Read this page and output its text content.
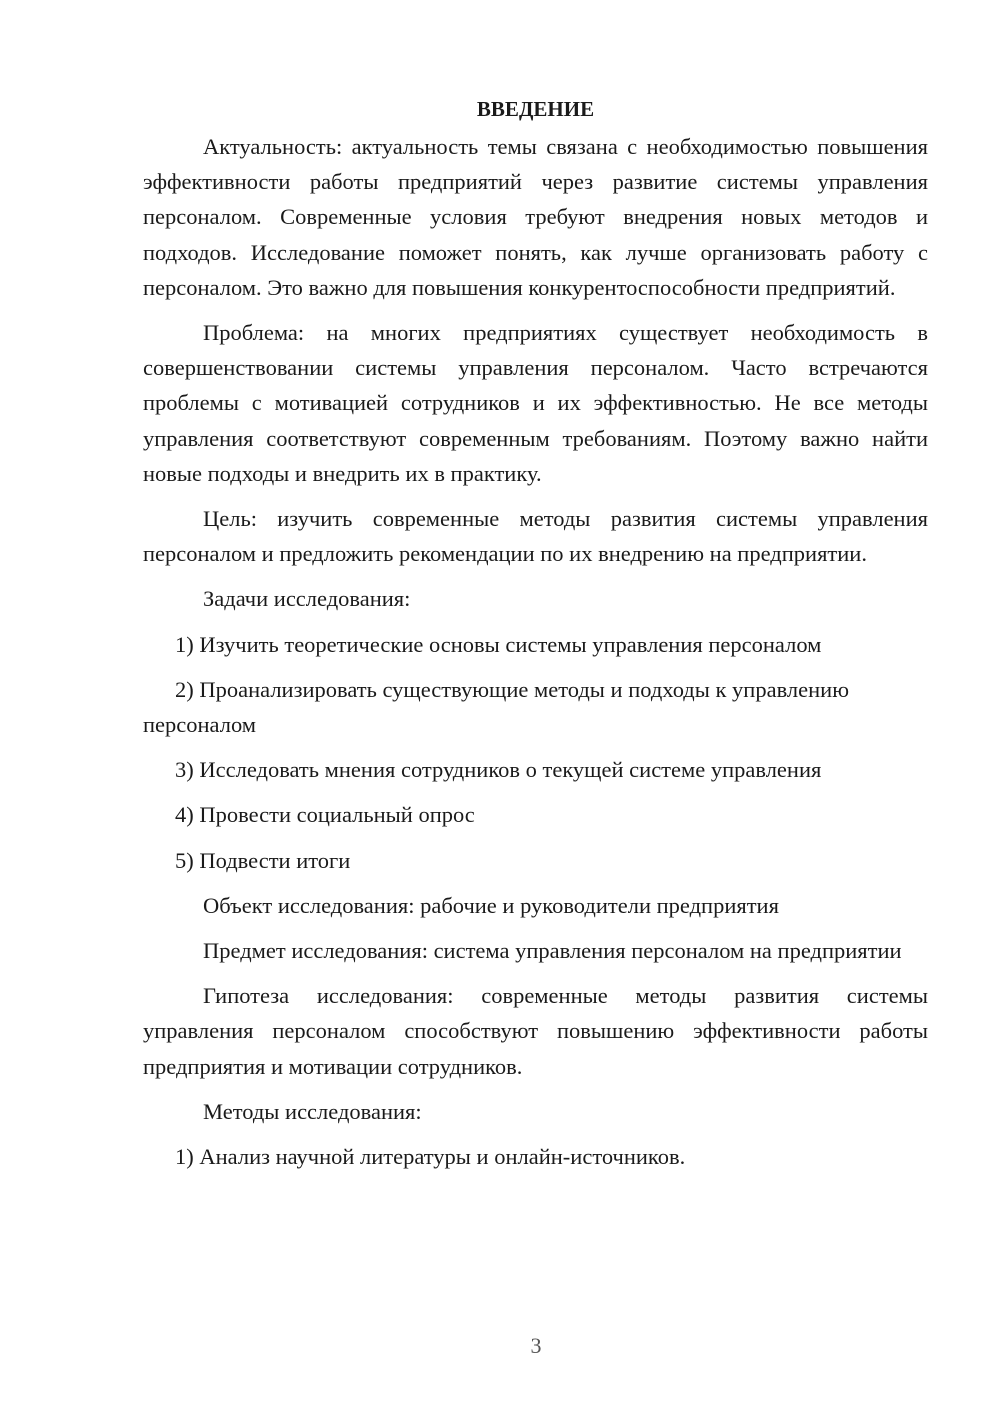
ВВЕДЕНИЕ

Актуальность: актуальность темы связана с необходимостью повышения эффективности работы предприятий через развитие системы управления персоналом. Современные условия требуют внедрения новых методов и подходов. Исследование поможет понять, как лучше организовать работу с персоналом. Это важно для повышения конкурентоспособности предприятий.

Проблема: на многих предприятиях существует необходимость в совершенствовании системы управления персоналом. Часто встречаются проблемы с мотивацией сотрудников и их эффективностью. Не все методы управления соответствуют современным требованиям. Поэтому важно найти новые подходы и внедрить их в практику.

Цель: изучить современные методы развития системы управления персоналом и предложить рекомендации по их внедрению на предприятии.

Задачи исследования:

1) Изучить теоретические основы системы управления персоналом

2) Проанализировать существующие методы и подходы к управлению персоналом

3) Исследовать мнения сотрудников о текущей системе управления

4) Провести социальный опрос

5) Подвести итоги

Объект исследования: рабочие и руководители предприятия

Предмет исследования: система управления персоналом на предприятии

Гипотеза исследования: современные методы развития системы управления персоналом способствуют повышению эффективности работы предприятия и мотивации сотрудников.

Методы исследования:

1) Анализ научной литературы и онлайн-источников.

3
